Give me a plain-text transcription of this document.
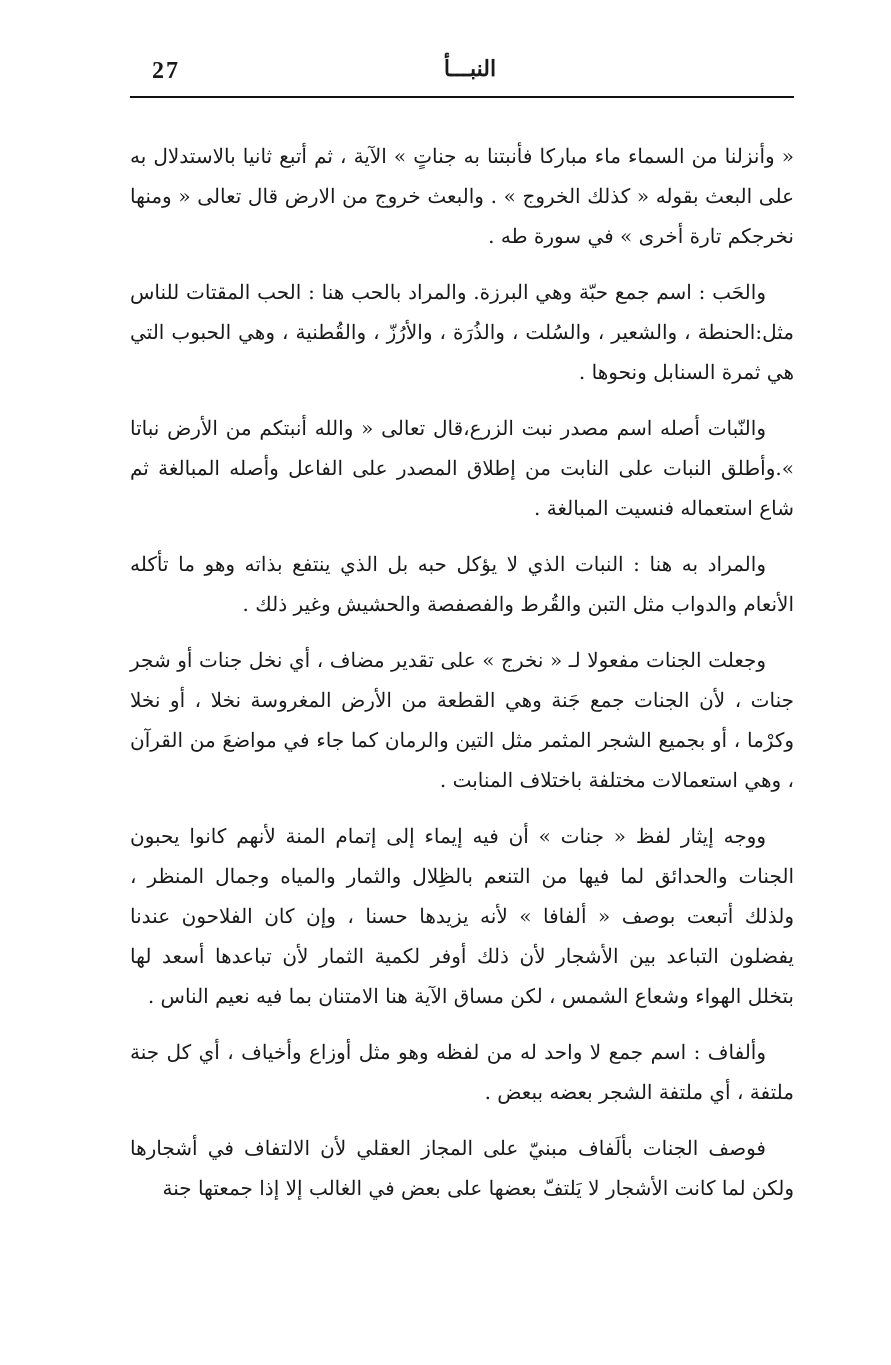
27	النبـــأ

« وأنزلنا من السماء ماء مباركا فأنبتنا به جناتٍ » الآية ، ثم أتبع ثانيا بالاستدلال به على البعث بقوله « كذلك الخروج » . والبعث خروج من الارض قال تعالى « ومنها نخرجكم تارة أخرى » في سورة طه .

والحَب : اسم جمع حبّة وهي البرزة. والمراد بالحب هنا : الحب المقتات للناس مثل:الحنطة ، والشعير ، والسُلت ، والذُرَة ، والأرُزّ ، والقُطنية ، وهي الحبوب التي هي ثمرة السنابل ونحوها .

والنّبات أصله اسم مصدر نبت الزرع،قال تعالى « والله أنبتكم من الأرض نباتا ».وأطلق النبات على النابت من إطلاق المصدر على الفاعل وأصله المبالغة ثم شاع استعماله فنسيت المبالغة .

والمراد به هنا : النبات الذي لا يؤكل حبه بل الذي ينتفع بذاته وهو ما تأكله الأنعام والدواب مثل التبن والقُرط والفصفصة والحشيش وغير ذلك .

وجعلت الجنات مفعولا لـ « نخرج » على تقدير مضاف ، أي نخل جنات أو شجر جنات ، لأن الجنات جمع جَنة وهي القطعة من الأرض المغروسة نخلا ، أو نخلا وكرْما ، أو بجميع الشجر المثمر مثل التين والرمان كما جاء في مواضعَ من القرآن ، وهي استعمالات مختلفة باختلاف المنابت .

ووجه إيثار لفظ « جنات » أن فيه إيماء إلى إتمام المنة لأنهم كانوا يحبون الجنات والحدائق لما فيها من التنعم بالظِلال والثمار والمياه وجمال المنظر ، ولذلك أتبعت بوصف « ألفافا » لأنه يزيدها حسنا ، وإن كان الفلاحون عندنا يفضلون التباعد بين الأشجار لأن ذلك أوفر لكمية الثمار لأن تباعدها أسعد لها بتخلل الهواء وشعاع الشمس ، لكن مساق الآية هنا الامتنان بما فيه نعيم الناس .

وألفاف : اسم جمع لا واحد له من لفظه وهو مثل أوزاع وأخياف ، أي كل جنة ملتفة ، أي ملتفة الشجر بعضه ببعض .

فوصف الجنات بألَفاف مبنيّ على المجاز العقلي لأن الالتفاف في أشجارها ولكن لما كانت الأشجار لا يَلتفّ بعضها على بعض في الغالب إلا إذا جمعتها جنة
